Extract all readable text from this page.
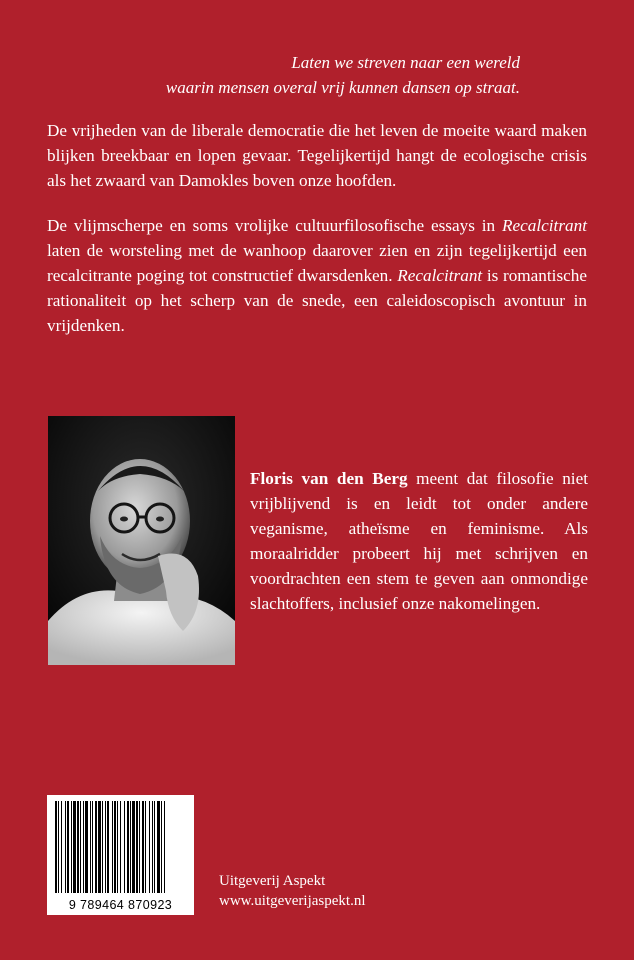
Laten we streven naar een wereld
waarin mensen overal vrij kunnen dansen op straat.

De vrijheden van de liberale democratie die het leven de moeite waard maken blijken breekbaar en lopen gevaar. Tegelijkertijd hangt de ecologische crisis als het zwaard van Damokles boven onze hoofden.

De vlijmscherpe en soms vrolijke cultuurfilosofische essays in Recalcitrant laten de worsteling met de wanhoop daarover zien en zijn tegelijkertijd een recalcitrante poging tot constructief dwarsdenken. Recalcitrant is romantische rationaliteit op het scherp van de snede, een caleidoscopisch avontuur in vrijdenken.

Floris van den Berg meent dat filosofie niet vrijblijvend is en leidt tot onder andere veganisme, atheïsme en feminisme. Als moraalridder probeert hij met schrijven en voordrachten een stem te geven aan onmondige slachtoffers, inclusief onze nakomelingen.

9 789464 870923
Uitgeverij Aspekt
www.uitgeverijaspekt.nl
